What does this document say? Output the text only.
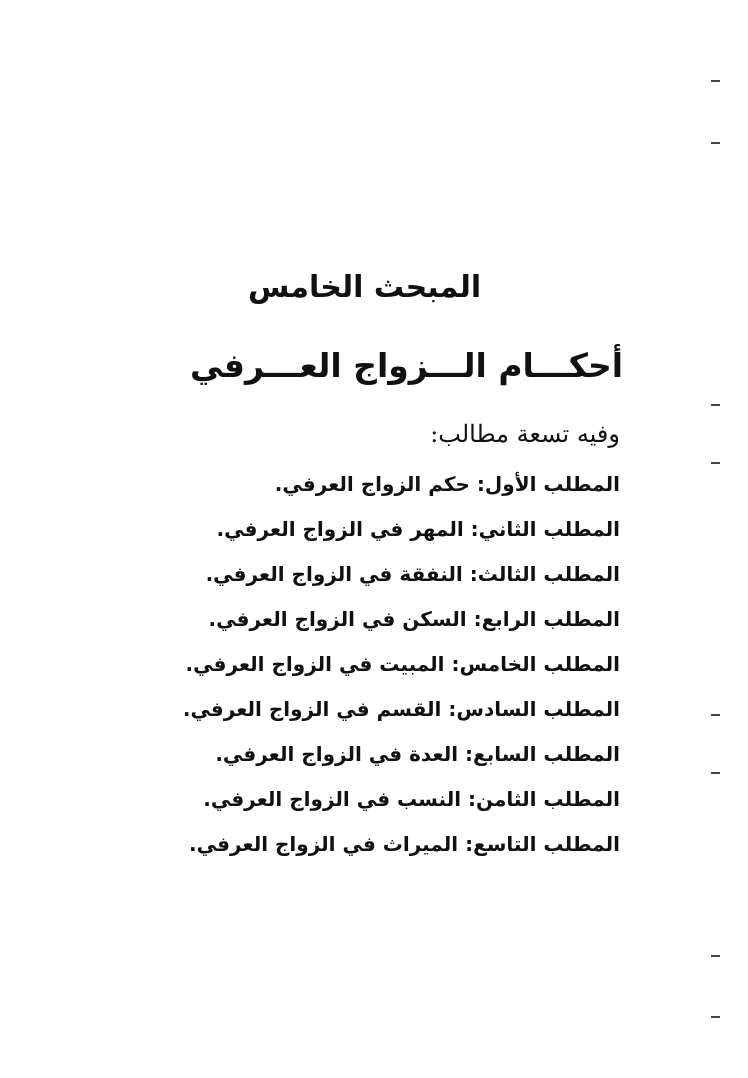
المبحث الخامس
أحكـــام الـــزواج العـــرفي
وفيه تسعة مطالب:
المطلب الأول: حكم الزواج العرفي.
المطلب الثاني: المهر في الزواج العرفي.
المطلب الثالث: النفقة في الزواج العرفي.
المطلب الرابع: السكن في الزواج العرفي.
المطلب الخامس: المبيت في الزواج العرفي.
المطلب السادس: القسم في الزواج العرفي.
المطلب السابع: العدة في الزواج العرفي.
المطلب الثامن: النسب في الزواج العرفي.
المطلب التاسع: الميراث في الزواج العرفي.
